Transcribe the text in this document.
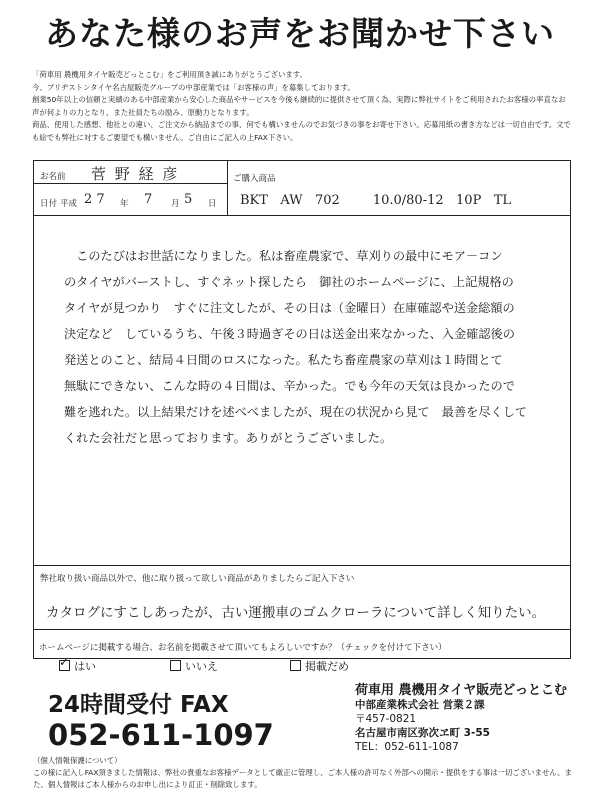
あなた様のお声をお聞かせ下さい
「荷車用 農機用タイヤ販売どっとこむ」をご利用頂き誠にありがとうございます。
今、ブリヂストンタイヤ名古屋販売グループの中部産業では「お客様の声」を募集しております。
創業50年以上の信頼と実績のある中部産業から安心した商品やサービスを今後も継続的に提供させて頂く為、実際に弊社サイトをご利用されたお客様の率直なお声が何よりの力となり、また社員たちの励み、原動力となります。
商品、使用した感想、他社との違い、ご注文から納品までの事、何でも構いませんのでお気づきの事をお寄せ下さい。応募用紙の書き方などは一切自由です。文でも絵でも弊社に対するご要望でも構いません。ご自由にご記入の上FAX下さい。
お名前 菅 野 経 彦
日付 平成 2 7 年 7 月 5 日
ご購入商品
BKT   AW   702        10.0/80-12   10P   TL
　このたびはお世話になりました。私は畜産農家で、草刈りの最中にモア－コン
のタイヤがバーストし、すぐネット探したら　御社のホームページに、上記規格の
タイヤが見つかり　すぐに注文したが、その日は（金曜日）在庫確認や送金総額の
決定など　しているうち、午後３時過ぎその日は送金出来なかった、入金確認後の
発送とのこと、結局４日間のロスになった。私たち畜産農家の草刈は１時間とて
無駄にできない、こんな時の４日間は、辛かった。でも今年の天気は良かったので
難を逃れた。以上結果だけを述べべましたが、現在の状況から見て　最善を尽くして
くれた会社だと思っております。ありがとうございました。
弊社取り扱い商品以外で、他に取り扱って欲しい商品がありましたらご記入下さい
カタログにすこしあったが、古い運搬車のゴムクローラについて詳しく知りたい。
ホームページに掲載する場合、お名前を掲載させて頂いてもよろしいですか？（チェックを付けて下さい）
✓ はい	いいえ	掲載だめ
24時間受付 FAX
052-611-1097
荷車用 農機用タイヤ販売どっとこむ
中部産業株式会社 営業２課
〒457-0821
名古屋市南区弥次ヱ町 3-55
TEL：052-611-1087
（個人情報保護について）
この様に記入しFAX頂きました情報は、弊社の貴重なお客様データとして厳正に管理し、ご本人様の許可なく外部への開示・提供をする事は一切ございません。また、個人情報はご本人様からのお申し出により訂正・削除致します。
